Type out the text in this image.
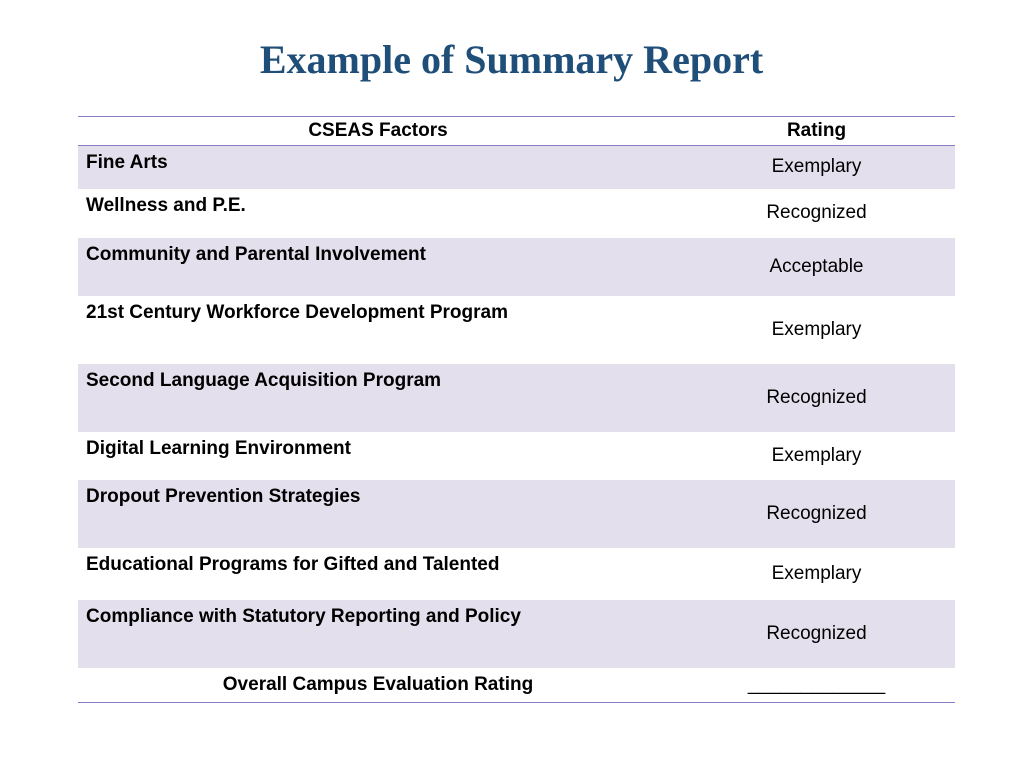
Example of Summary Report
CSEAS Factors	Rating
Fine Arts	Exemplary
Wellness and P.E.	Recognized
Community and Parental Involvement	Acceptable
21st Century Workforce Development Program	Exemplary
Second Language Acquisition Program	Recognized
Digital Learning Environment	Exemplary
Dropout Prevention Strategies	Recognized
Educational Programs for Gifted and Talented	Exemplary
Compliance with Statutory Reporting and Policy	Recognized
Overall Campus Evaluation Rating	_____________
